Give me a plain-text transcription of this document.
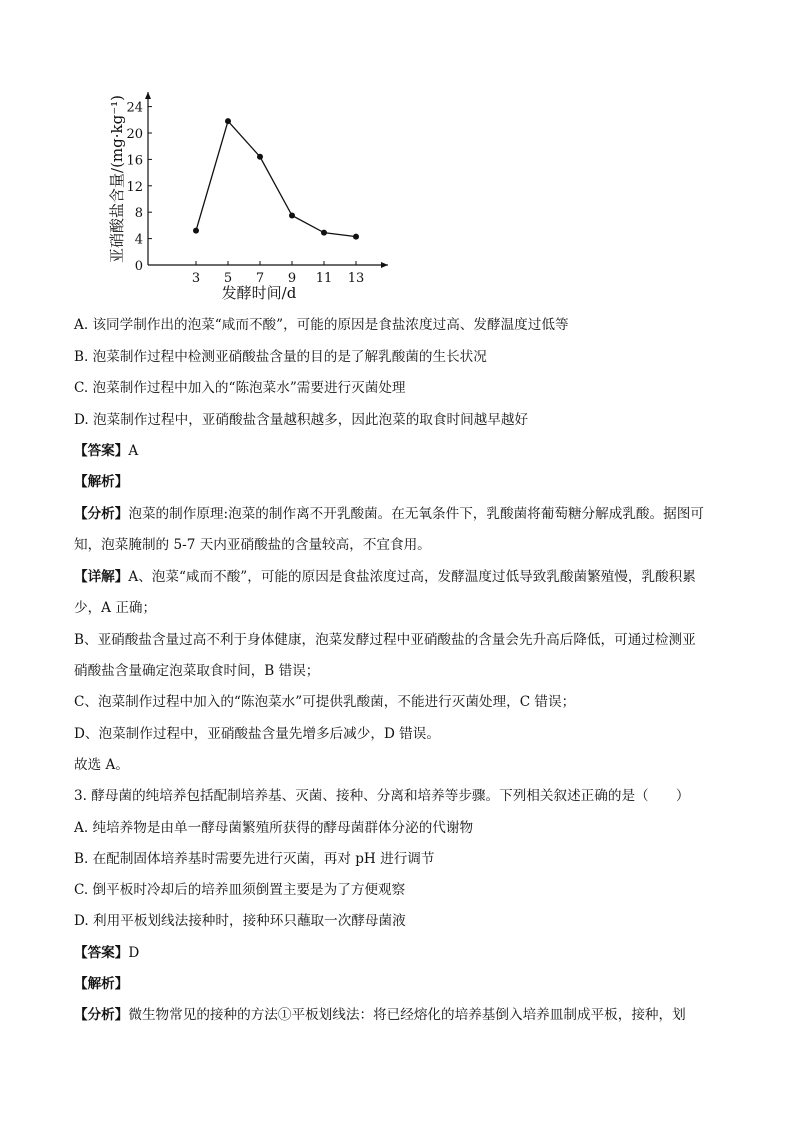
0
4
8
12
16
20
24
3 5 7 9 11 13
亚硝酸盐含量/(mg·kg⁻¹)
发酵时间/d
A. 该同学制作出的泡菜“咸而不酸”，可能的原因是食盐浓度过高、发酵温度过低等
B. 泡菜制作过程中检测亚硝酸盐含量的目的是了解乳酸菌的生长状况
C. 泡菜制作过程中加入的“陈泡菜水”需要进行灭菌处理
D. 泡菜制作过程中，亚硝酸盐含量越积越多，因此泡菜的取食时间越早越好
【答案】A
【解析】
【分析】泡菜的制作原理:泡菜的制作离不开乳酸菌。在无氧条件下，乳酸菌将葡萄糖分解成乳酸。据图可
知，泡菜腌制的 5-7 天内亚硝酸盐的含量较高，不宜食用。
【详解】A、泡菜“咸而不酸”，可能的原因是食盐浓度过高，发酵温度过低导致乳酸菌繁殖慢，乳酸积累
少，A 正确；
B、亚硝酸盐含量过高不利于身体健康，泡菜发酵过程中亚硝酸盐的含量会先升高后降低，可通过检测亚
硝酸盐含量确定泡菜取食时间，B 错误；
C、泡菜制作过程中加入的“陈泡菜水”可提供乳酸菌，不能进行灭菌处理，C 错误；
D、泡菜制作过程中，亚硝酸盐含量先增多后减少，D 错误。
故选 A。
3. 酵母菌的纯培养包括配制培养基、灭菌、接种、分离和培养等步骤。下列相关叙述正确的是（　　）
A. 纯培养物是由单一酵母菌繁殖所获得的酵母菌群体分泌的代谢物
B. 在配制固体培养基时需要先进行灭菌，再对 pH 进行调节
C. 倒平板时冷却后的培养皿须倒置主要是为了方便观察
D. 利用平板划线法接种时，接种环只蘸取一次酵母菌液
【答案】D
【解析】
【分析】微生物常见的接种的方法①平板划线法：将已经熔化的培养基倒入培养皿制成平板，接种，划
